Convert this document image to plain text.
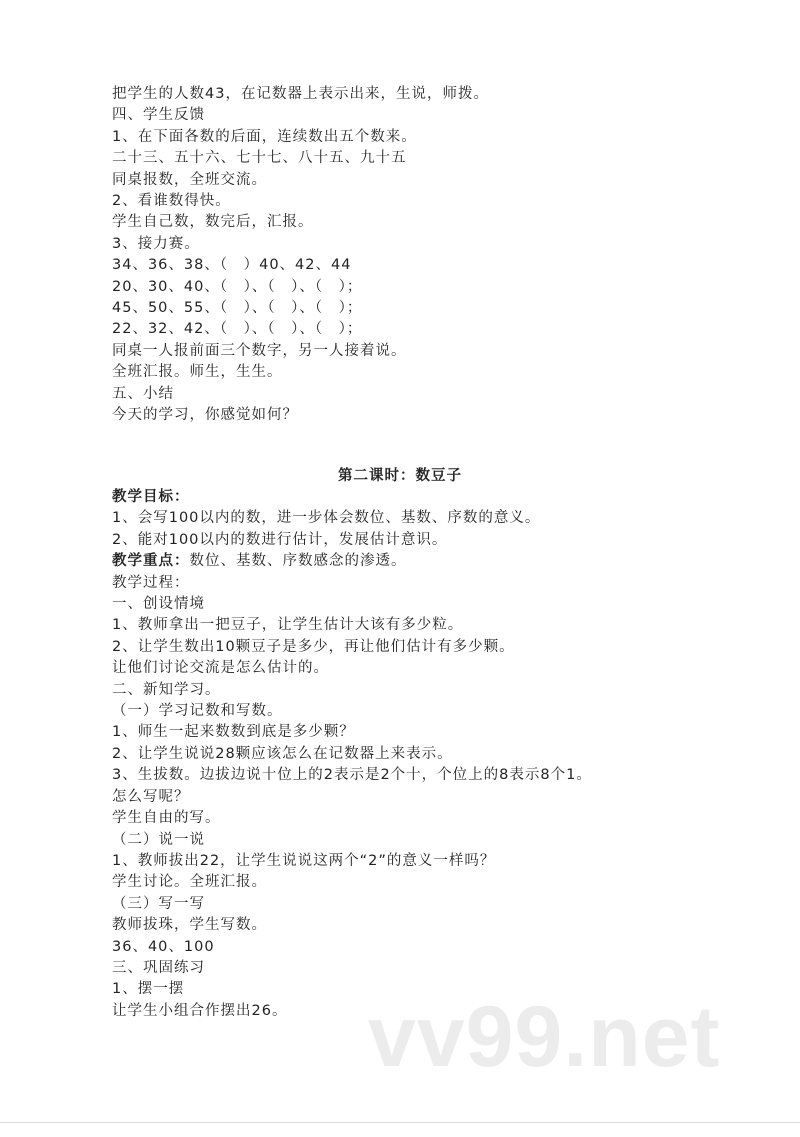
把学生的人数43，在记数器上表示出来，生说，师拨。
四、学生反馈
1、在下面各数的后面，连续数出五个数来。
二十三、五十六、七十七、八十五、九十五
同桌报数，全班交流。
2、看谁数得快。
学生自己数，数完后，汇报。
3、接力赛。
34、36、38、（　）40、42、44
20、30、40、（　）、（　）、（　）；
45、50、55、（　）、（　）、（　）；
22、32、42、（　）、（　）、（　）；
同桌一人报前面三个数字，另一人接着说。
全班汇报。师生，生生。
五、小结
今天的学习，你感觉如何？
第二课时：数豆子
教学目标：
1、会写100以内的数，进一步体会数位、基数、序数的意义。
2、能对100以内的数进行估计，发展估计意识。
教学重点：数位、基数、序数感念的渗透。
教学过程：
一、创设情境
1、教师拿出一把豆子，让学生估计大该有多少粒。
2、让学生数出10颗豆子是多少，再让他们估计有多少颗。
让他们讨论交流是怎么估计的。
二、新知学习。
（一）学习记数和写数。
1、师生一起来数数到底是多少颗？
2、让学生说说28颗应该怎么在记数器上来表示。
3、生拔数。边拔边说十位上的2表示是2个十，个位上的8表示8个1。
怎么写呢？
学生自由的写。
（二）说一说
1、教师拔出22，让学生说说这两个“2”的意义一样吗？
学生讨论。全班汇报。
（三）写一写
教师拔珠，学生写数。
36、40、100
三、巩固练习
1、摆一摆
让学生小组合作摆出26。 vv99.net
